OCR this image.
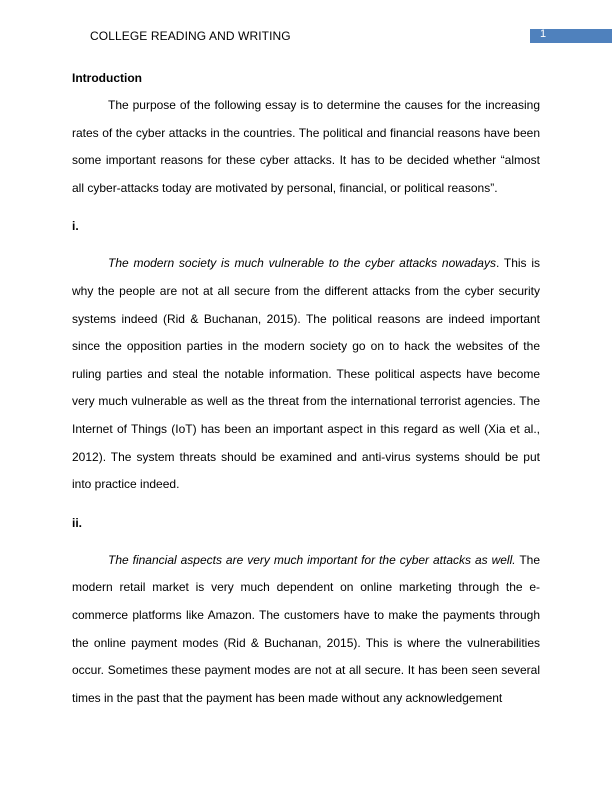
COLLEGE READING AND WRITING	1
Introduction

The purpose of the following essay is to determine the causes for the increasing rates of the cyber attacks in the countries. The political and financial reasons have been some important reasons for these cyber attacks. It has to be decided whether “almost all cyber-attacks today are motivated by personal, financial, or political reasons”.

i.

The modern society is much vulnerable to the cyber attacks nowadays. This is why the people are not at all secure from the different attacks from the cyber security systems indeed (Rid & Buchanan, 2015). The political reasons are indeed important since the opposition parties in the modern society go on to hack the websites of the ruling parties and steal the notable information. These political aspects have become very much vulnerable as well as the threat from the international terrorist agencies. The Internet of Things (IoT) has been an important aspect in this regard as well (Xia et al., 2012). The system threats should be examined and anti-virus systems should be put into practice indeed.

ii.

The financial aspects are very much important for the cyber attacks as well. The modern retail market is very much dependent on online marketing through the e-commerce platforms like Amazon. The customers have to make the payments through the online payment modes (Rid & Buchanan, 2015). This is where the vulnerabilities occur. Sometimes these payment modes are not at all secure. It has been seen several times in the past that the payment has been made without any acknowledgement
